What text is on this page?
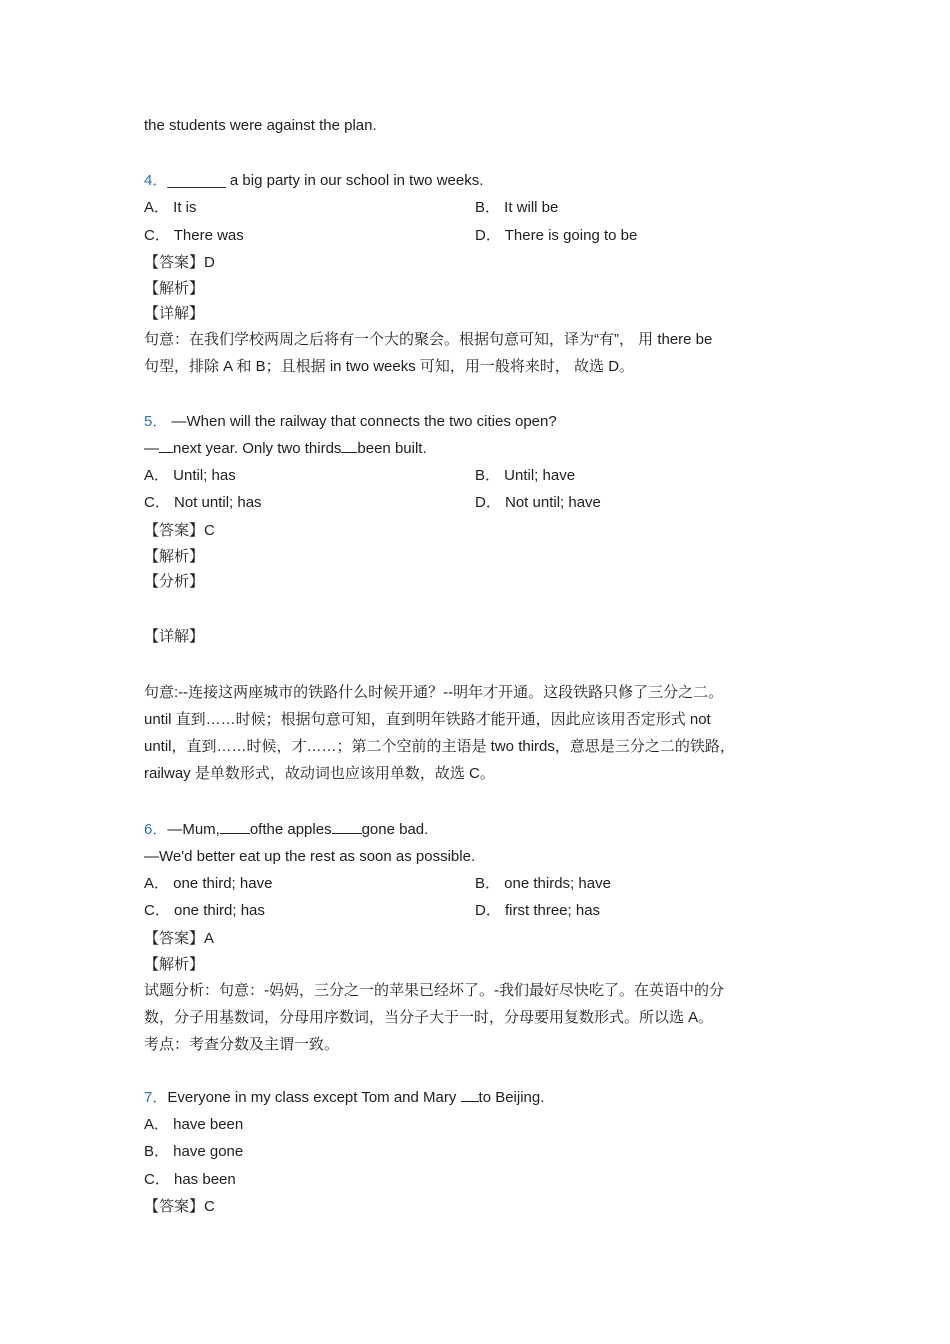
the students were against the plan.
4．_______ a big party in our school in two weeks.
A． It is	B． It will be
C． There was	D． There is going to be
【答案】D
【解析】
【详解】
句意：在我们学校两周之后将有一个大的聚会。根据句意可知，译为“有”， 用 there be
句型，排除 A 和 B；且根据 in two weeks 可知，用一般将来时， 故选 D。
5． —When will the railway that connects the two cities open?
— next year. Only two thirds been built.
A． Until; has	B． Until; have
C． Not until; has	D． Not until; have
【答案】C
【解析】
【分析】
【详解】
句意:--连接这两座城市的铁路什么时候开通？--明年才开通。这段铁路只修了三分之二。
until 直到……时候；根据句意可知，直到明年铁路才能开通，因此应该用否定形式 not
until，直到……时候，才……；第二个空前的主语是 two thirds，意思是三分之二的铁路，
railway 是单数形式，故动词也应该用单数，故选 C。
6．—Mum, ofthe apples gone bad.
—We'd better eat up the rest as soon as possible.
A． one third; have	B． one thirds; have
C． one third; has	D． first three; has
【答案】A
【解析】
试题分析：句意：-妈妈，三分之一的苹果已经坏了。-我们最好尽快吃了。在英语中的分
数，分子用基数词，分母用序数词，当分子大于一时，分母要用复数形式。所以选 A。
考点：考查分数及主谓一致。
7．Everyone in my class except Tom and Mary to Beijing.
A． have been
B． have gone
C． has been
【答案】C
